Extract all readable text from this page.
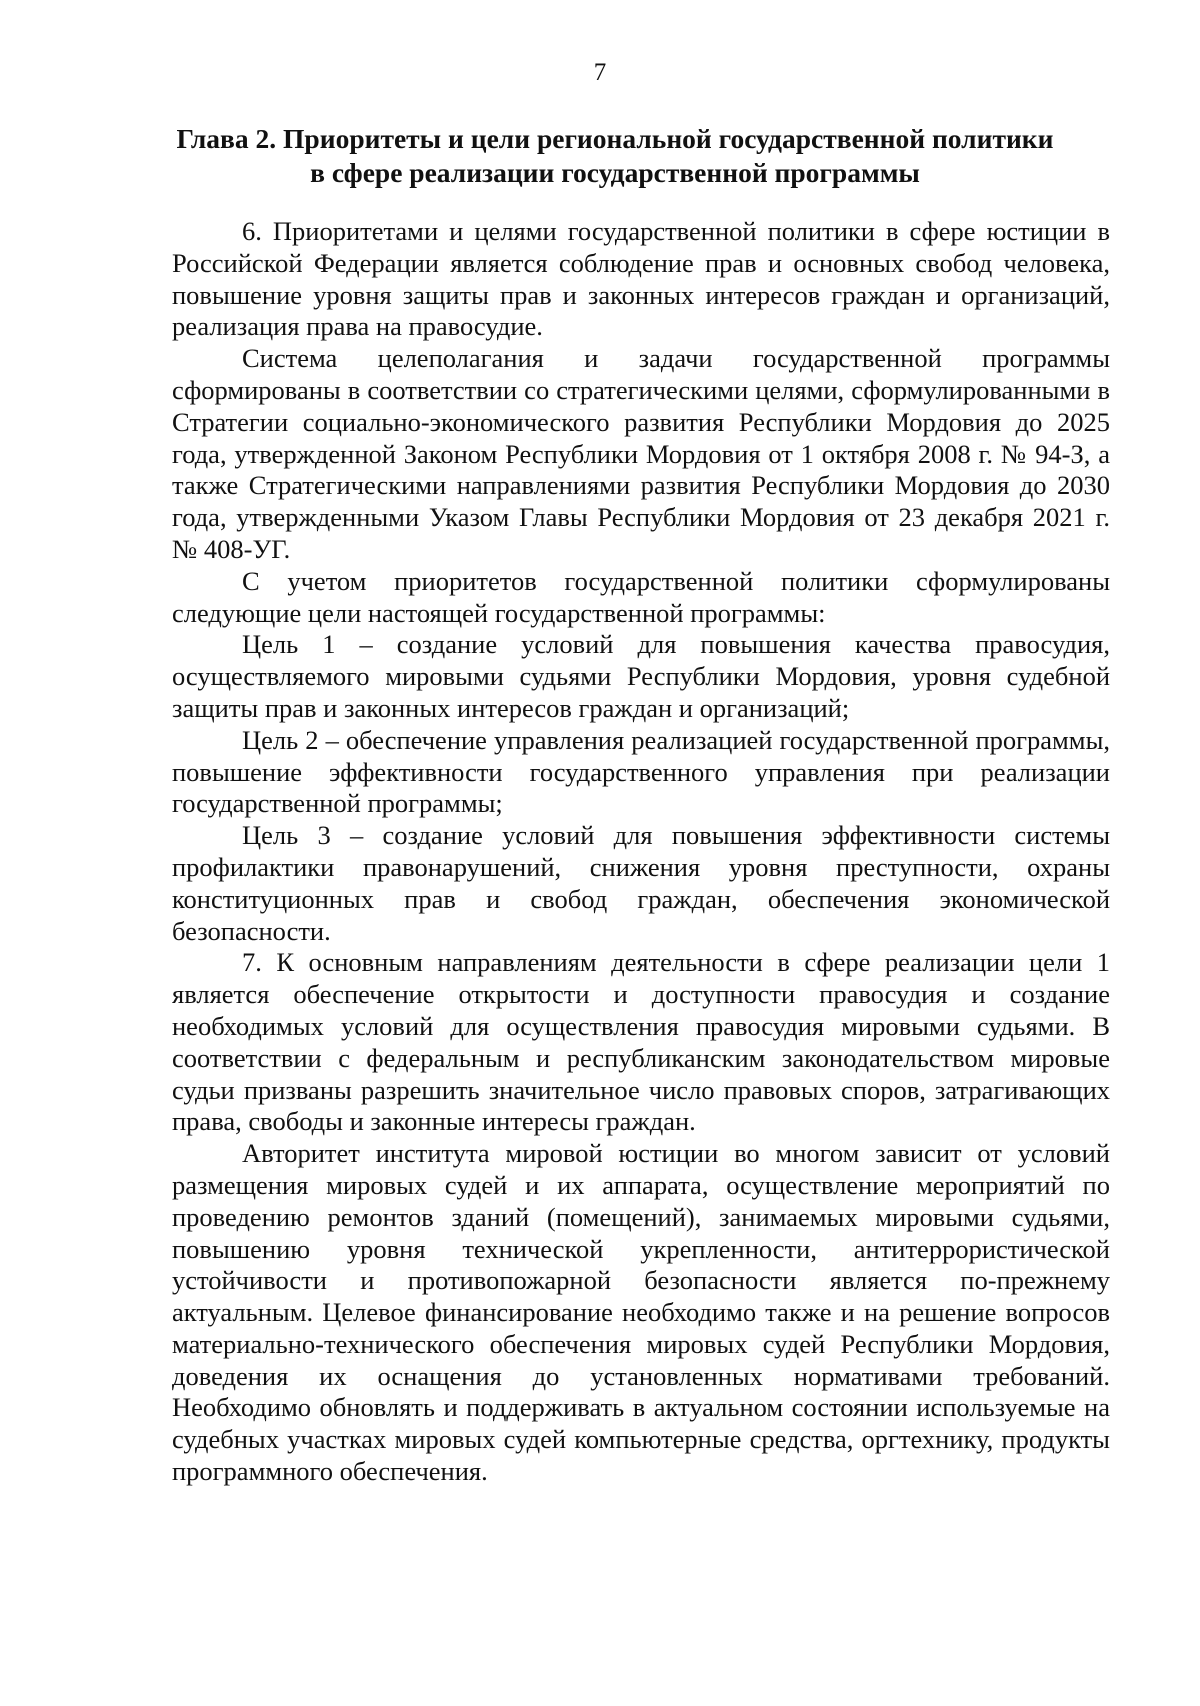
7
Глава 2. Приоритеты и цели региональной государственной политики
в сфере реализации государственной программы

6. Приоритетами и целями государственной политики в сфере юстиции в Российской Федерации является соблюдение прав и основных свобод человека, повышение уровня защиты прав и законных интересов граждан и организаций, реализация права на правосудие.

Система целеполагания и задачи государственной программы сформированы в соответствии со стратегическими целями, сформулированными в Стратегии социально-экономического развития Республики Мордовия до 2025 года, утвержденной Законом Республики Мордовия от 1 октября 2008 г. № 94-З, а также Стратегическими направлениями развития Республики Мордовия до 2030 года, утвержденными Указом Главы Республики Мордовия от 23 декабря 2021 г. № 408-УГ.

С учетом приоритетов государственной политики сформулированы следующие цели настоящей государственной программы:

Цель 1 – создание условий для повышения качества правосудия, осуществляемого мировыми судьями Республики Мордовия, уровня судебной защиты прав и законных интересов граждан и организаций;

Цель 2 – обеспечение управления реализацией государственной программы, повышение эффективности государственного управления при реализации государственной программы;

Цель 3 – создание условий для повышения эффективности системы профилактики правонарушений, снижения уровня преступности, охраны конституционных прав и свобод граждан, обеспечения экономической безопасности.

7. К основным направлениям деятельности в сфере реализации цели 1 является обеспечение открытости и доступности правосудия и создание необходимых условий для осуществления правосудия мировыми судьями. В соответствии с федеральным и республиканским законодательством мировые судьи призваны разрешить значительное число правовых споров, затрагивающих права, свободы и законные интересы граждан.

Авторитет института мировой юстиции во многом зависит от условий размещения мировых судей и их аппарата, осуществление мероприятий по проведению ремонтов зданий (помещений), занимаемых мировыми судьями, повышению уровня технической укрепленности, антитеррористической устойчивости и противопожарной безопасности является по-прежнему актуальным. Целевое финансирование необходимо также и на решение вопросов материально-технического обеспечения мировых судей Республики Мордовия, доведения их оснащения до установленных нормативами требований. Необходимо обновлять и поддерживать в актуальном состоянии используемые на судебных участках мировых судей компьютерные средства, оргтехнику, продукты программного обеспечения.
